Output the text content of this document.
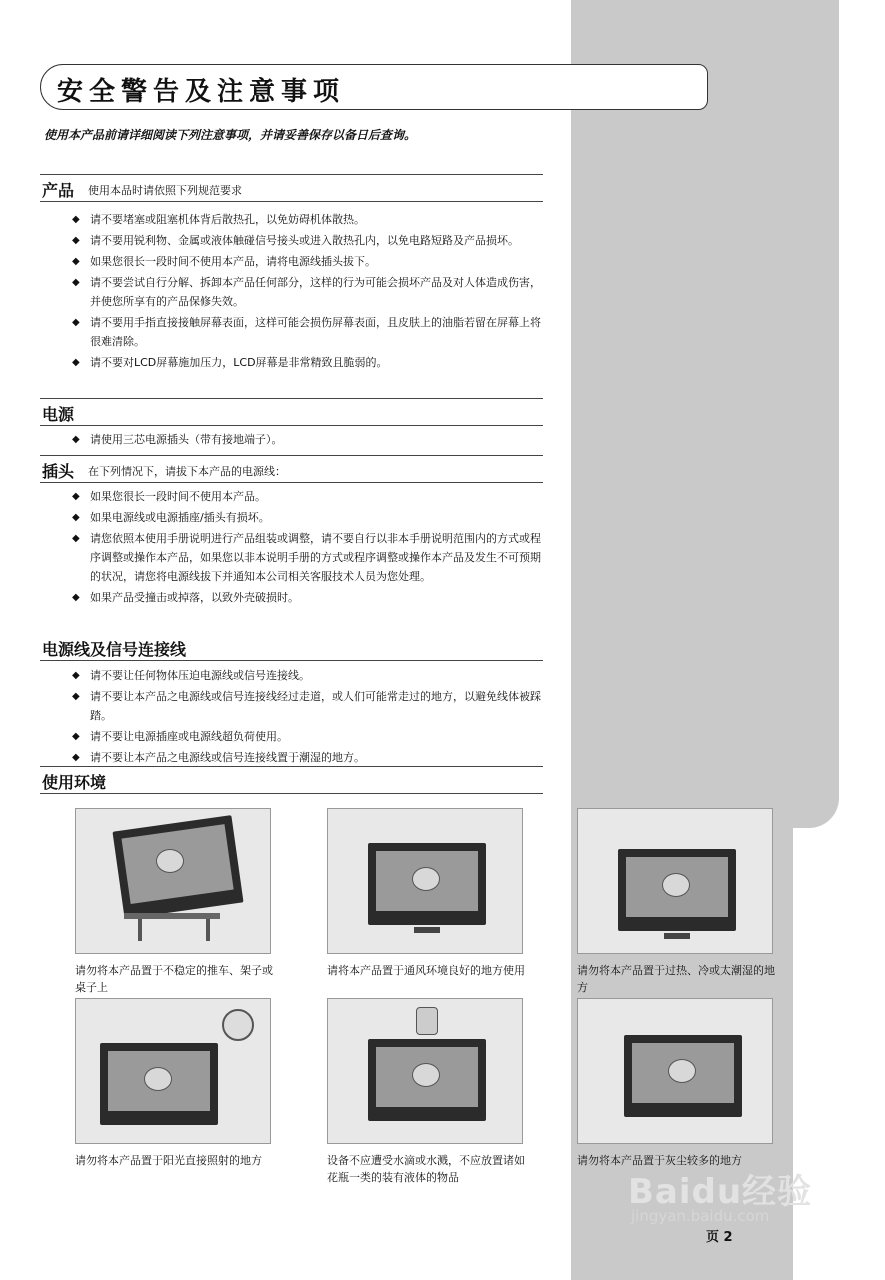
安全警告及注意事项
使用本产品前请详细阅读下列注意事项，并请妥善保存以备日后查询。
产品 使用本品时请依照下列规范要求
◆ 请不要堵塞或阻塞机体背后散热孔，以免妨碍机体散热。
◆ 请不要用锐利物、金属或液体触碰信号接头或进入散热孔内，以免电路短路及产品损坏。
◆ 如果您很长一段时间不使用本产品，请将电源线插头拔下。
◆ 请不要尝试自行分解、拆卸本产品任何部分，这样的行为可能会损坏产品及对人体造成伤害，并使您所享有的产品保修失效。
◆ 请不要用手指直接接触屏幕表面，这样可能会损伤屏幕表面，且皮肤上的油脂若留在屏幕上将很难清除。
◆ 请不要对LCD屏幕施加压力，LCD屏幕是非常精致且脆弱的。
电源
◆ 请使用三芯电源插头（带有接地端子）。
插头 在下列情况下，请拔下本产品的电源线：
◆ 如果您很长一段时间不使用本产品。
◆ 如果电源线或电源插座/插头有损坏。
◆ 请您依照本使用手册说明进行产品组装或调整，请不要自行以非本手册说明范围内的方式或程序调整或操作本产品，如果您以非本说明手册的方式或程序调整或操作本产品及发生不可预期的状况，请您将电源线拔下并通知本公司相关客服技术人员为您处理。
◆ 如果产品受撞击或掉落，以致外壳破损时。
电源线及信号连接线
◆ 请不要让任何物体压迫电源线或信号连接线。
◆ 请不要让本产品之电源线或信号连接线经过走道，或人们可能常走过的地方，以避免线体被踩踏。
◆ 请不要让电源插座或电源线超负荷使用。
◆ 请不要让本产品之电源线或信号连接线置于潮湿的地方。
使用环境
请勿将本产品置于不稳定的推车、架子或桌子上
请将本产品置于通风环境良好的地方使用	请勿将本产品置于过热、冷或太潮湿的地方
请勿将本产品置于阳光直接照射的地方	设备不应遭受水滴或水溅，不应放置诸如花瓶一类的装有液体的物品
请勿将本产品置于灰尘较多的地方
Baidu经验
jingyan.baidu.com
页 2
